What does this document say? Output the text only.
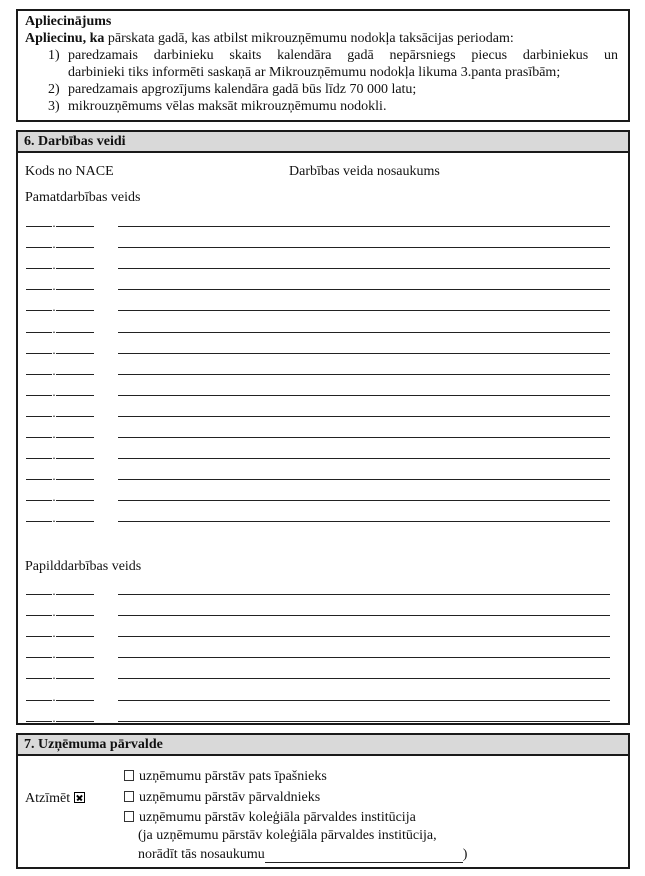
Apliecinājums
Apliecinu, ka pārskata gadā, kas atbilst mikrouzņēmumu nodokļa taksācijas periodam:
1) paredzamais darbinieku skaits kalendāra gadā nepārsniegs piecus darbiniekus un
darbinieki tiks informēti saskaņā ar Mikrouzņēmumu nodokļa likuma 3.panta prasībām;
2) paredzamais apgrozījums kalendāra gadā būs līdz 70 000 latu;
3) mikrouzņēmums vēlas maksāt mikrouzņēmumu nodokli.
6. Darbības veidi
Kods no NACE	Darbības veida nosaukums
Pamatdarbības veids
.
.
.
.
.
.
.
.
.
.
.
.
.
.
.
Papilddarbības veids
.
.
.
.
.
.
.
7. Uzņēmuma pārvalde
Atzīmēt
uzņēmumu pārstāv pats īpašnieks
uzņēmumu pārstāv pārvaldnieks
uzņēmumu pārstāv koleģiāla pārvaldes institūcija
(ja uzņēmumu pārstāv koleģiāla pārvaldes institūcija,
norādīt tās nosaukumu	)
